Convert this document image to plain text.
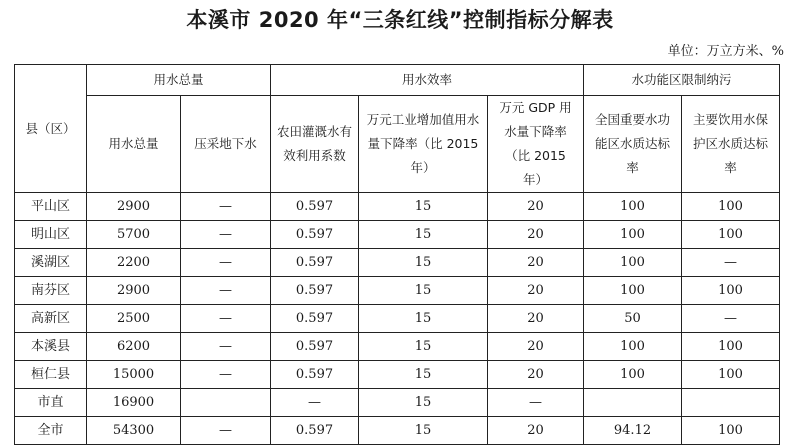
本溪市 2020 年“三条红线”控制指标分解表
单位：万立方米、%
县（区）	用水总量		用水效率			水功能区限制纳污	
	用水总量	压采地下水	农田灌溉水有效利用系数	万元工业增加值用水量下降率（比 2015 年）	万元 GDP 用水量下降率（比 2015 年）	全国重要水功能区水质达标率	主要饮用水保护区水质达标率
平山区	2900	—	0.597	15	20	100	100
明山区	5700	—	0.597	15	20	100	100
溪湖区	2200	—	0.597	15	20	100	—
南芬区	2900	—	0.597	15	20	100	100
高新区	2500	—	0.597	15	20	50	—
本溪县	6200	—	0.597	15	20	100	100
桓仁县	15000	—	0.597	15	20	100	100
市直	16900		—	15	—		
全市	54300	—	0.597	15	20	94.12	100
